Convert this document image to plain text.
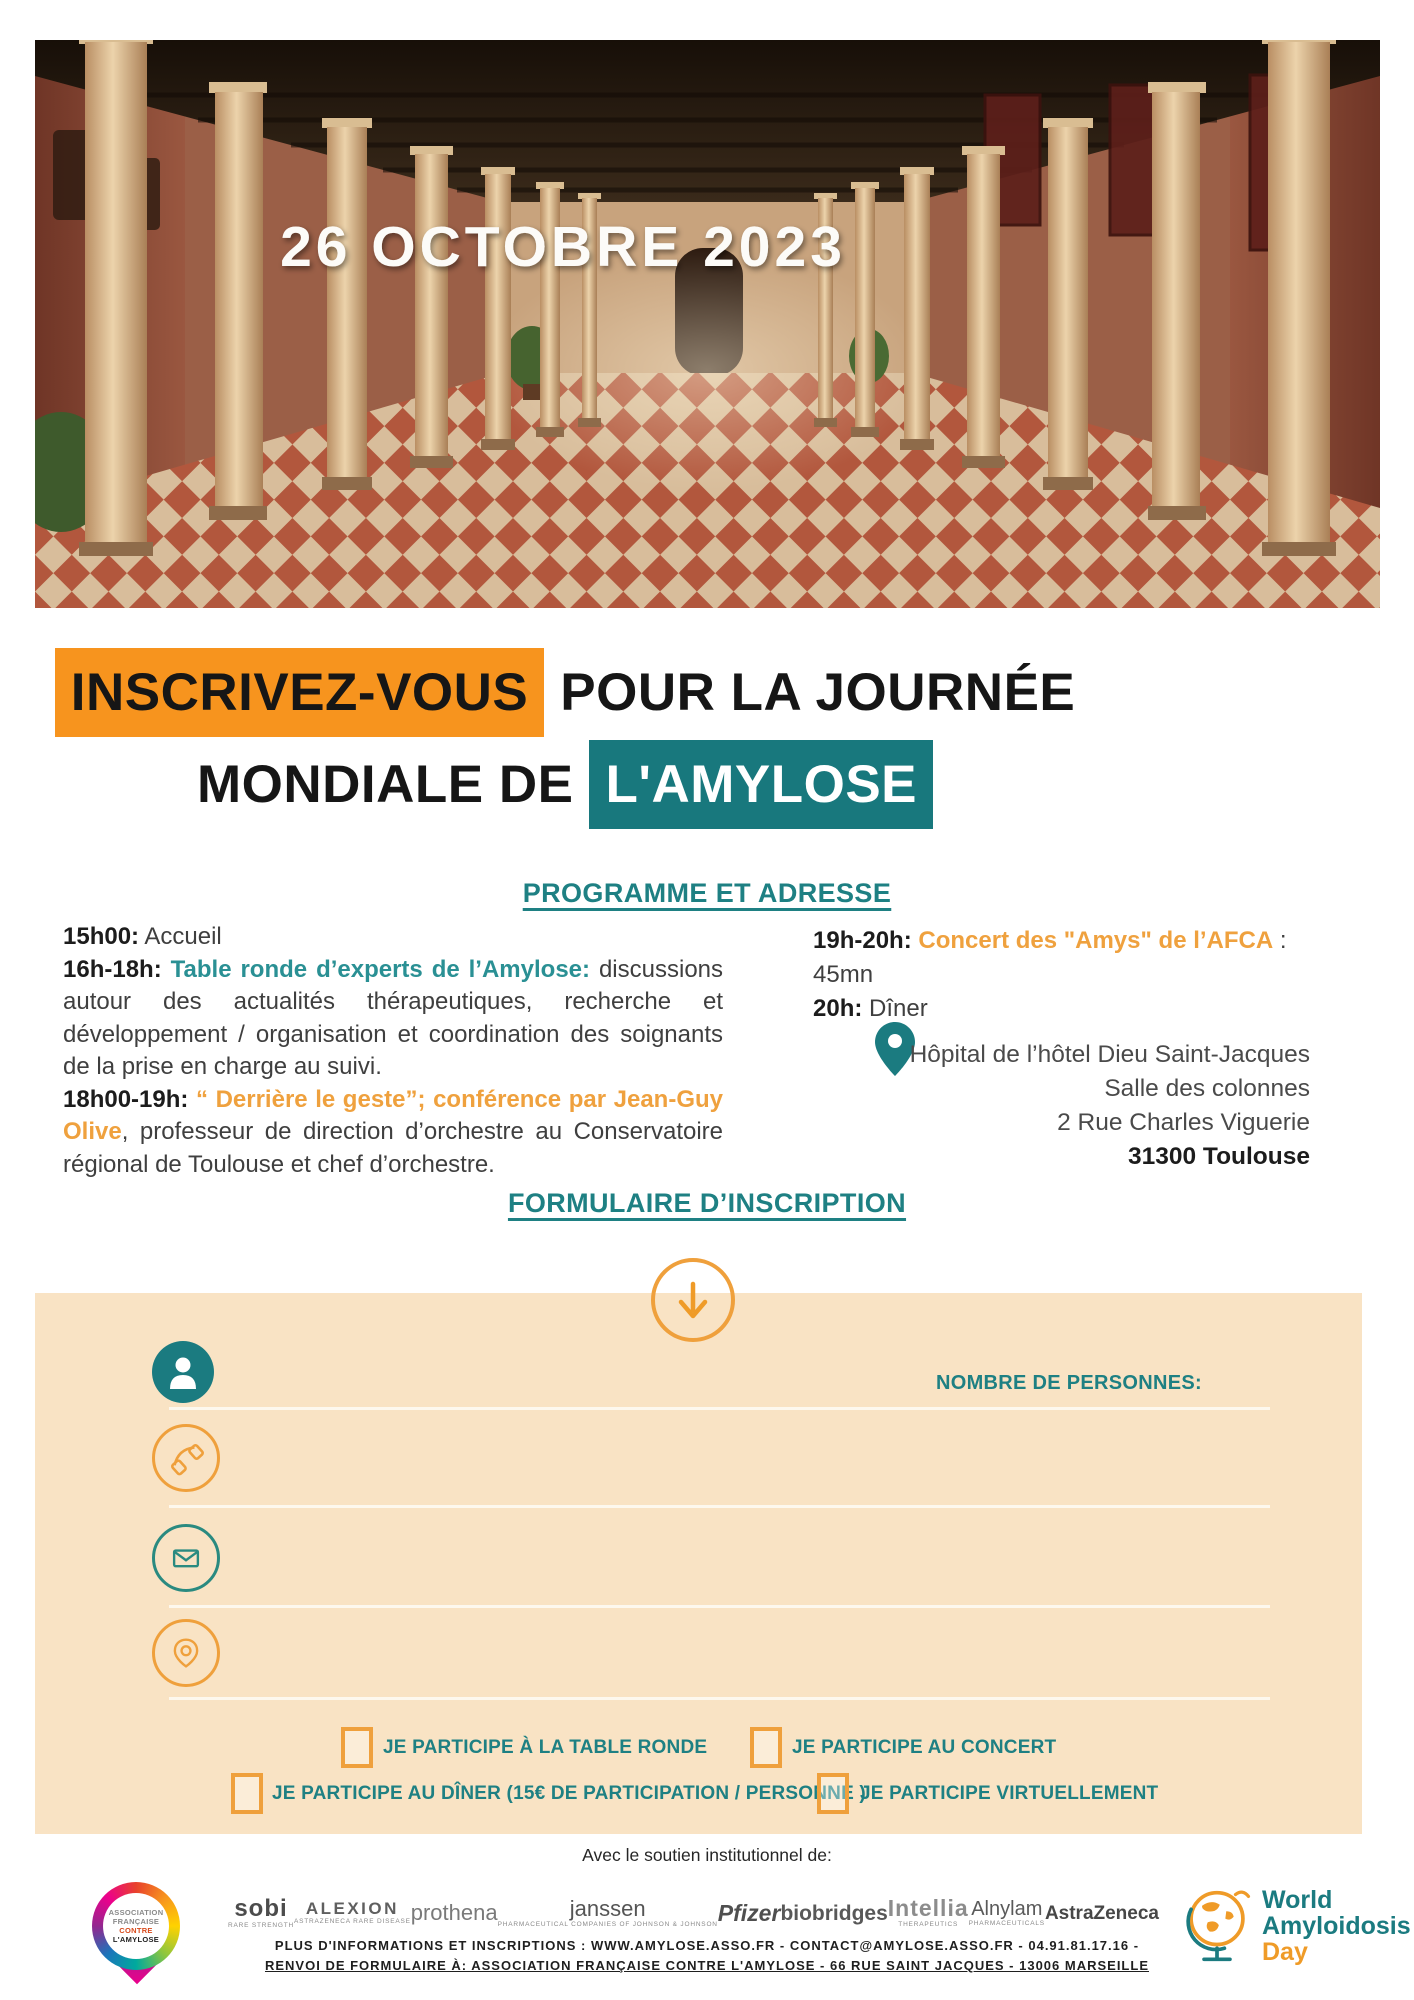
26 OCTOBRE 2023
INSCRIVEZ-VOUS POUR LA JOURNÉE
MONDIALE DE L'AMYLOSE
PROGRAMME ET ADRESSE

15h00: Accueil

16h-18h: Table ronde d’experts de l’Amylose: discussions autour des actualités thérapeutiques, recherche et développement / organisation et coordination des soignants de la prise en charge au suivi.

18h00-19h: “ Derrière le geste”; conférence par Jean-Guy Olive, professeur de direction d’orchestre au Conservatoire régional de Toulouse et chef d’orchestre.

19h-20h: Concert des "Amys" de l’AFCA : 45mn

20h: Dîner

Hôpital de l’hôtel Dieu Saint-Jacques
Salle des colonnes
2 Rue Charles Viguerie
31300 Toulouse
FORMULAIRE D’INSCRIPTION
NOMBRE DE PERSONNES:
JE PARTICIPE À LA TABLE RONDE	JE PARTICIPE AU CONCERT
JE PARTICIPE AU DÎNER (15€ DE PARTICIPATION / PERSONNE )
JE PARTICIPE VIRTUELLEMENT
Avec le soutien institutionnel de:
ASSOCIATION
FRANÇAISE
CONTRE
L'AMYLOSE
sobi
RARE STRENGTH
ALEXION
ASTRAZENECA RARE DISEASE prothena	janssen
PHARMACEUTICAL COMPANIES OF JOHNSON & JOHNSON Pfizer biobridges Intellia
THERAPEUTICS
Alnylam
PHARMACEUTICALS AstraZeneca	World
Amyloidosis
Day
PLUS D'INFORMATIONS ET INSCRIPTIONS : WWW.AMYLOSE.ASSO.FR - CONTACT@AMYLOSE.ASSO.FR - 04.91.81.17.16 -
RENVOI DE FORMULAIRE À: ASSOCIATION FRANÇAISE CONTRE L'AMYLOSE - 66 RUE SAINT JACQUES - 13006 MARSEILLE
